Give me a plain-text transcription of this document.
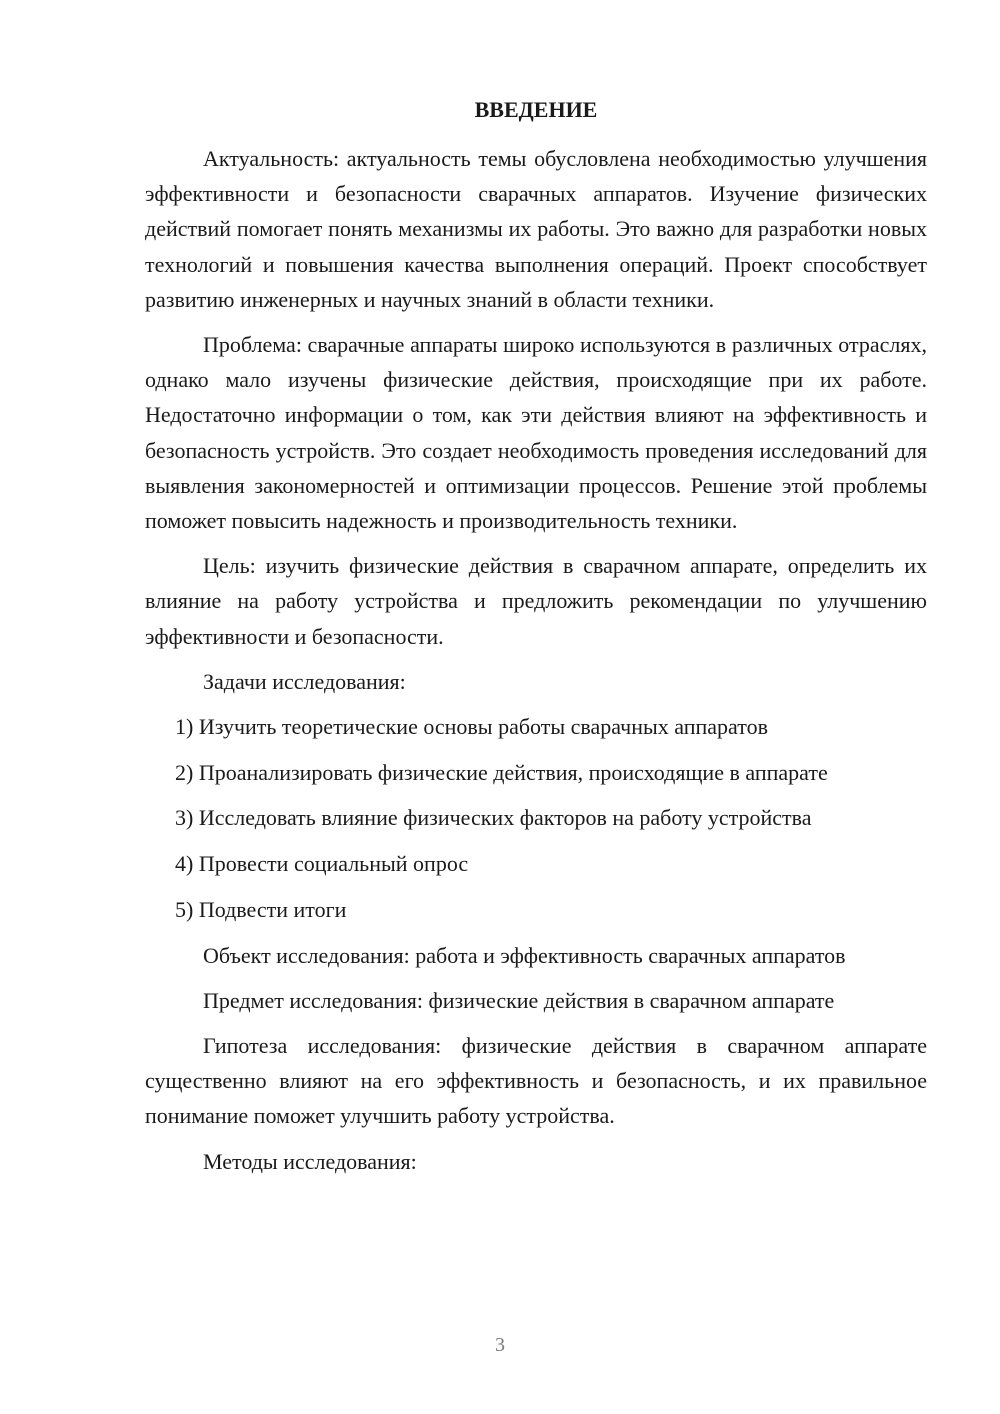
ВВЕДЕНИЕ

Актуальность: актуальность темы обусловлена необходимостью улучшения эффективности и безопасности сварачных аппаратов. Изучение физических действий помогает понять механизмы их работы. Это важно для разработки новых технологий и повышения качества выполнения операций. Проект способствует развитию инженерных и научных знаний в области техники.

Проблема: сварачные аппараты широко используются в различных отраслях, однако мало изучены физические действия, происходящие при их работе. Недостаточно информации о том, как эти действия влияют на эффективность и безопасность устройств. Это создает необходимость проведения исследований для выявления закономерностей и оптимизации процессов. Решение этой проблемы поможет повысить надежность и производительность техники.

Цель: изучить физические действия в сварачном аппарате, определить их влияние на работу устройства и предложить рекомендации по улучшению эффективности и безопасности.

Задачи исследования:

1) Изучить теоретические основы работы сварачных аппаратов
2) Проанализировать физические действия, происходящие в аппарате
3) Исследовать влияние физических факторов на работу устройства
4) Провести социальный опрос
5) Подвести итоги

Объект исследования: работа и эффективность сварачных аппаратов

Предмет исследования: физические действия в сварачном аппарате

Гипотеза исследования: физические действия в сварачном аппарате существенно влияют на его эффективность и безопасность, и их правильное понимание поможет улучшить работу устройства.

Методы исследования:

3
